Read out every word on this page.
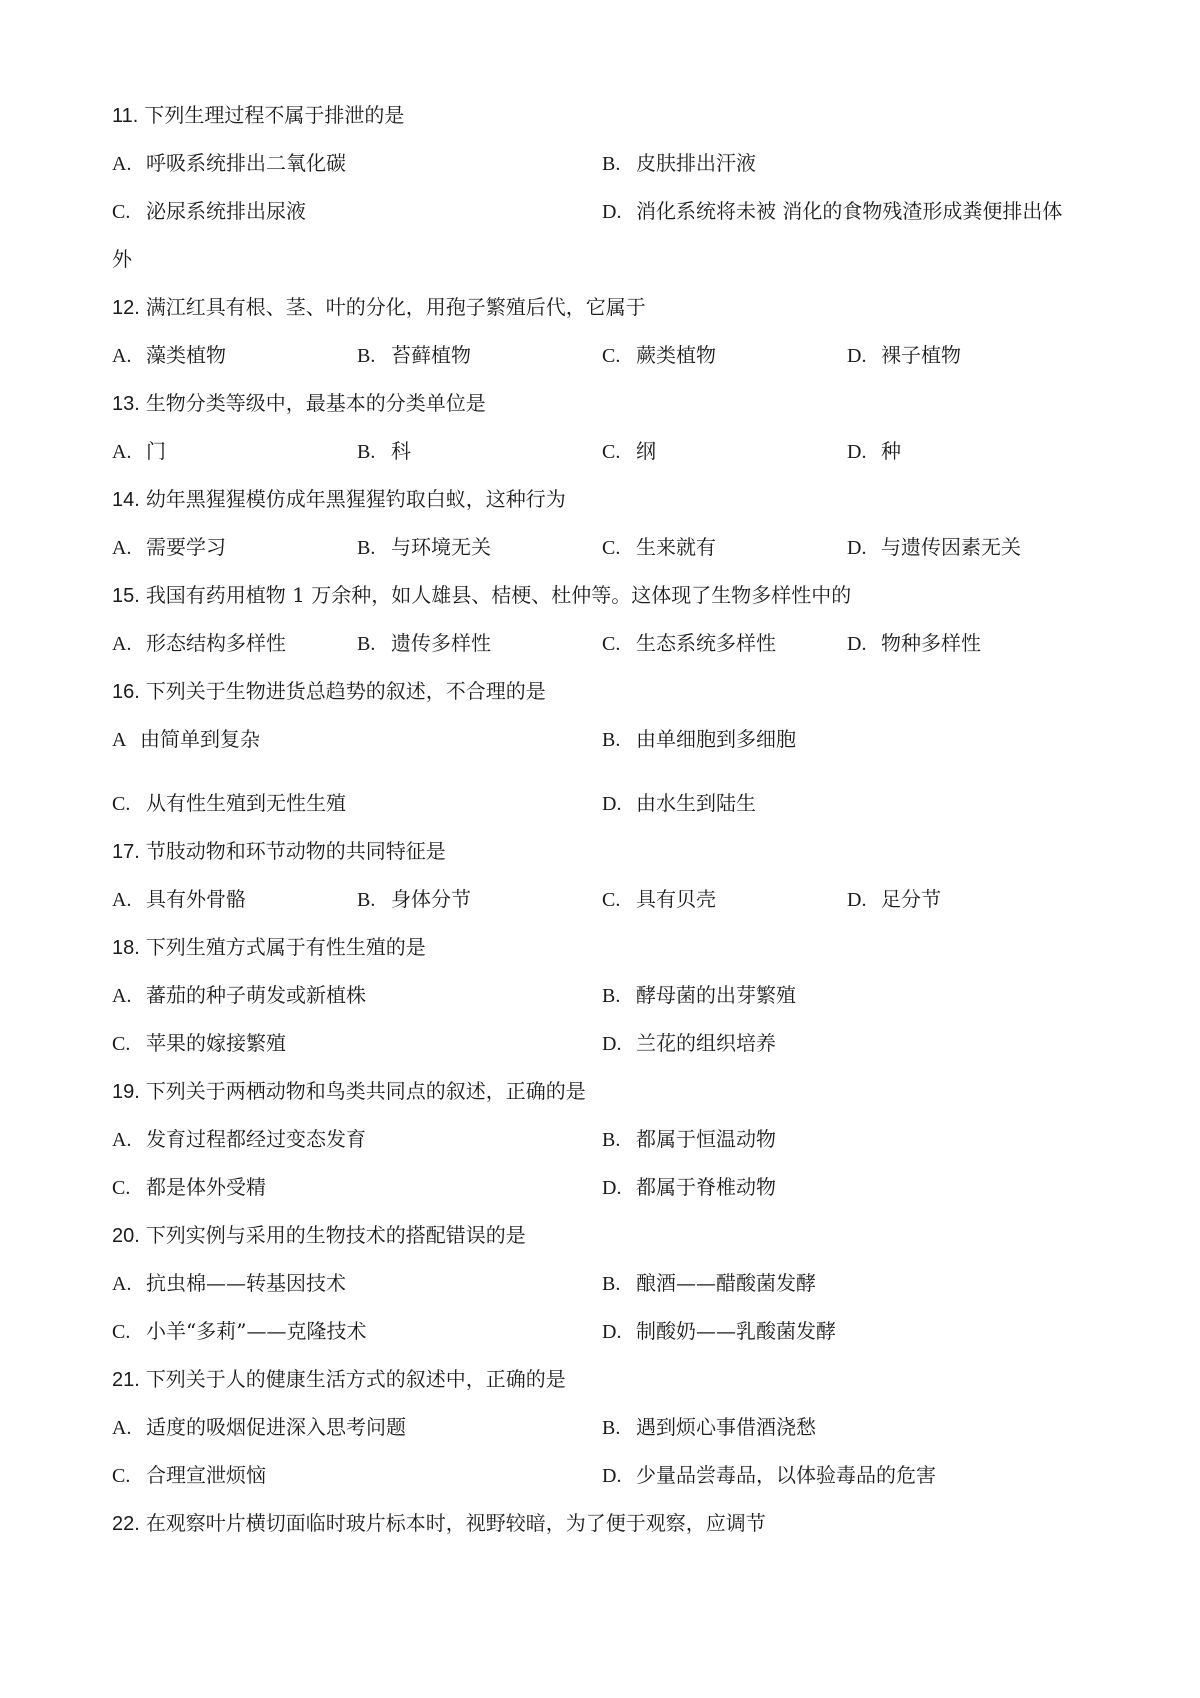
11. 下列生理过程不属于排泄的是
A. 呼吸系统排出二氧化碳	B. 皮肤排出汗液
C. 泌尿系统排出尿液	D. 消化系统将未被 消化的食物残渣形成粪便排出体
外
12. 满江红具有根、茎、叶的分化，用孢子繁殖后代，它属于
A. 藻类植物	B. 苔藓植物	C. 蕨类植物	D. 裸子植物
13. 生物分类等级中，最基本的分类单位是
A. 门	B. 科	C. 纲	D. 种
14. 幼年黑猩猩模仿成年黑猩猩钓取白蚁，这种行为
A. 需要学习	B. 与环境无关	C. 生来就有	D. 与遗传因素无关
15. 我国有药用植物 1 万余种，如人雄县、桔梗、杜仲等。这体现了生物多样性中的
A. 形态结构多样性	B. 遗传多样性	C. 生态系统多样性	D. 物种多样性
16. 下列关于生物进货总趋势的叙述，不合理的是
A 由简单到复杂	B. 由单细胞到多细胞
C. 从有性生殖到无性生殖	D. 由水生到陆生
17. 节肢动物和环节动物的共同特征是
A. 具有外骨骼	B. 身体分节	C. 具有贝壳	D. 足分节
18. 下列生殖方式属于有性生殖的是
A. 蕃茄的种子萌发或新植株	B. 酵母菌的出芽繁殖
C. 苹果的嫁接繁殖	D. 兰花的组织培养
19. 下列关于两栖动物和鸟类共同点的叙述，正确的是
A. 发育过程都经过变态发育	B. 都属于恒温动物
C. 都是体外受精	D. 都属于脊椎动物
20. 下列实例与采用的生物技术的搭配错误的是
A. 抗虫棉——转基因技术	B. 酿酒——醋酸菌发酵
C. 小羊“多莉”——克隆技术	D. 制酸奶——乳酸菌发酵
21. 下列关于人的健康生活方式的叙述中，正确的是
A. 适度的吸烟促进深入思考问题	B. 遇到烦心事借酒浇愁
C. 合理宣泄烦恼	D. 少量品尝毒品，以体验毒品的危害
22. 在观察叶片横切面临时玻片标本时，视野较暗，为了便于观察，应调节
